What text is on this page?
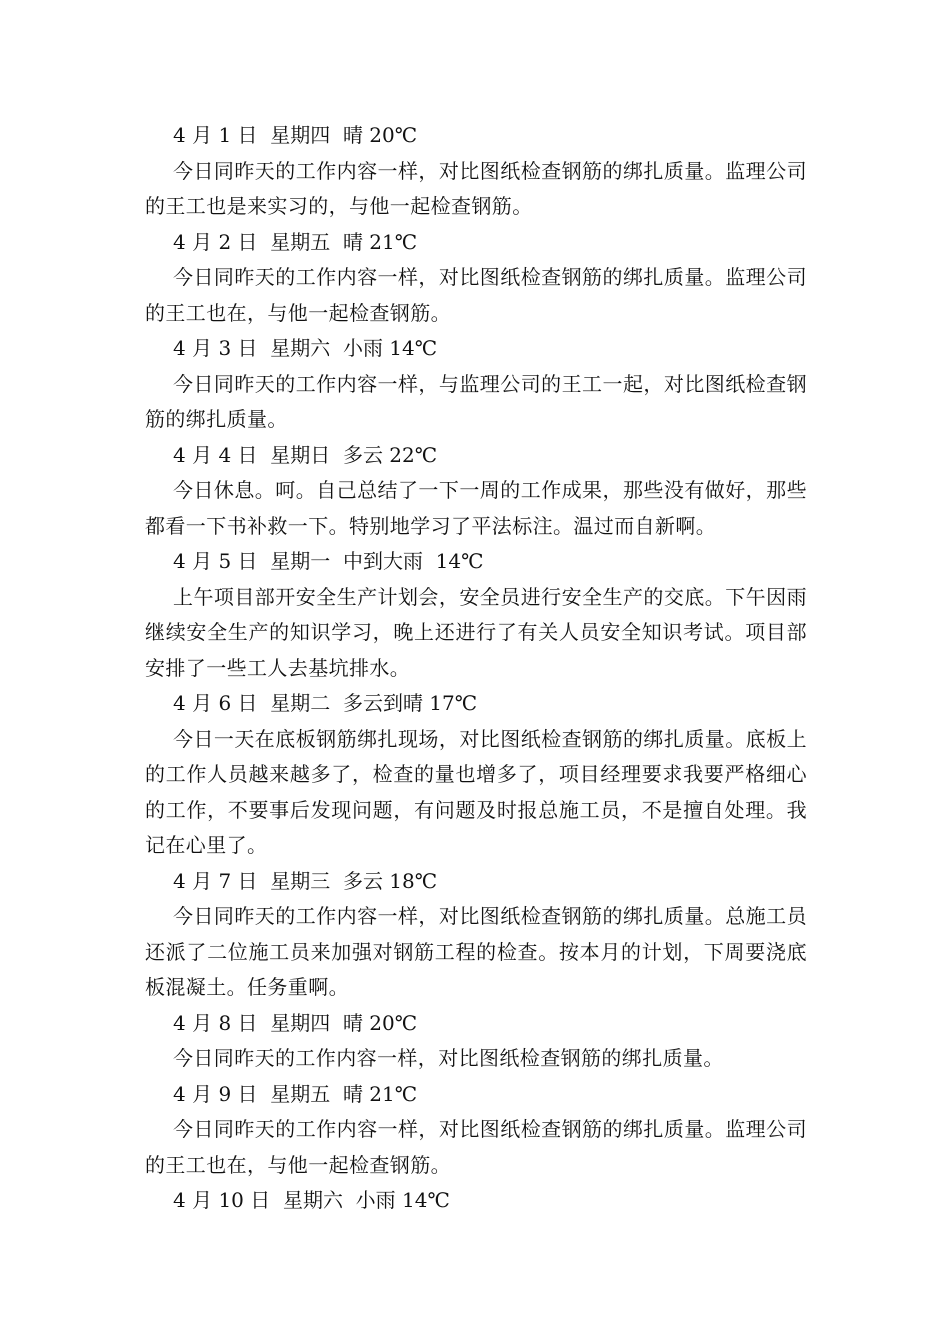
4 月 1 日  星期四  晴 20℃

今日同昨天的工作内容一样，对比图纸检查钢筋的绑扎质量。监理公司的王工也是来实习的，与他一起检查钢筋。

4 月 2 日  星期五  晴 21℃

今日同昨天的工作内容一样，对比图纸检查钢筋的绑扎质量。监理公司的王工也在，与他一起检查钢筋。

4 月 3 日  星期六  小雨 14℃

今日同昨天的工作内容一样，与监理公司的王工一起，对比图纸检查钢筋的绑扎质量。

4 月 4 日  星期日  多云 22℃

今日休息。呵。自己总结了一下一周的工作成果，那些没有做好，那些都看一下书补救一下。特别地学习了平法标注。温过而自新啊。

4 月 5 日  星期一  中到大雨  14℃

上午项目部开安全生产计划会，安全员进行安全生产的交底。下午因雨继续安全生产的知识学习，晚上还进行了有关人员安全知识考试。项目部安排了一些工人去基坑排水。

4 月 6 日  星期二  多云到晴 17℃

今日一天在底板钢筋绑扎现场，对比图纸检查钢筋的绑扎质量。底板上的工作人员越来越多了，检查的量也增多了，项目经理要求我要严格细心的工作，不要事后发现问题，有问题及时报总施工员，不是擅自处理。我记在心里了。

4 月 7 日  星期三  多云 18℃

今日同昨天的工作内容一样，对比图纸检查钢筋的绑扎质量。总施工员还派了二位施工员来加强对钢筋工程的检查。按本月的计划，下周要浇底板混凝土。任务重啊。

4 月 8 日  星期四  晴 20℃

今日同昨天的工作内容一样，对比图纸检查钢筋的绑扎质量。

4 月 9 日  星期五  晴 21℃

今日同昨天的工作内容一样，对比图纸检查钢筋的绑扎质量。监理公司的王工也在，与他一起检查钢筋。

4 月 10 日  星期六  小雨 14℃
